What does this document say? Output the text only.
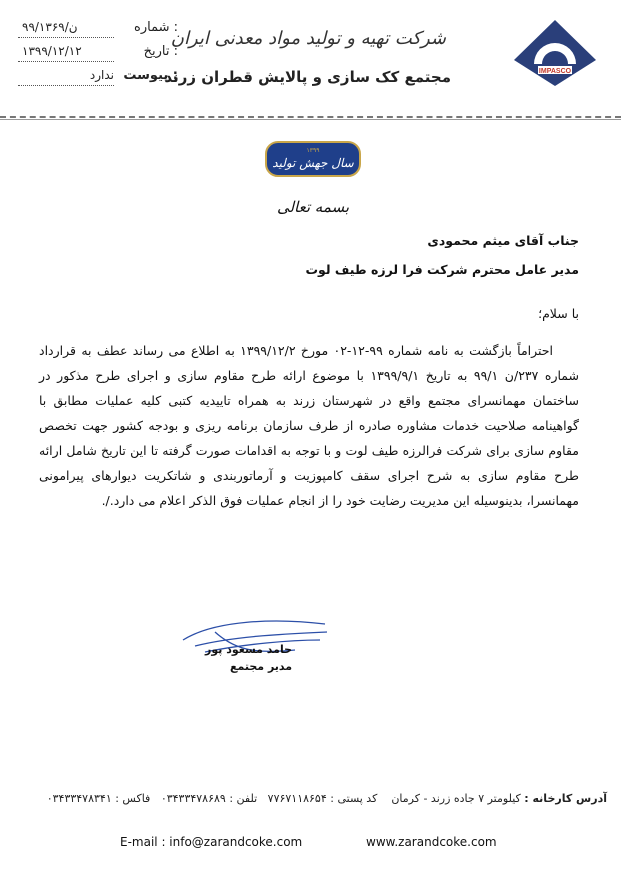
۹۹/۱ن/۳۶۹	: شماره
۱۳۹۹/۱۲/۱۲	: تاریخ
ندارد : پیوست
شرکت تهیه و تولید مواد معدنی ایران
مجتمع کک سازی و پالایش قطران زرند	IMPASCO
۱۳۹۹
سال جهش تولید
بسمه تعالی
جناب آقای میثم محمودی
مدیر عامل محترم شرکت فرا لرزه طیف لوت
با سلام؛
احتراماً بازگشت به نامه شماره ۹۹-۱۲-۰۲ مورخ ۱۳۹۹/۱۲/۲ به اطلاع می رساند عطف به قرارداد شماره ۲۳۷/ن ۹۹/۱ به تاریخ ۱۳۹۹/۹/۱ با موضوع ارائه طرح مقاوم سازی و اجرای طرح مذکور در ساختمان مهمانسرای مجتمع واقع در شهرستان زرند به همراه تاییدیه کتبی کلیه عملیات مطابق با گواهینامه صلاحیت خدمات مشاوره صادره از طرف سازمان برنامه ریزی و بودجه کشور جهت تخصص مقاوم سازی برای شرکت فرالرزه طیف لوت و با توجه به اقدامات صورت گرفته تا این تاریخ شامل ارائه طرح مقاوم سازی به شرح اجرای سقف کامپوزیت و آرماتوربندی و شاتکریت دیوارهای پیرامونی مهمانسرا، بدینوسیله این مدیریت رضایت خود را از انجام عملیات فوق الذکر اعلام می دارد./.
حامد مسعود پور
مدیر مجتمع
آدرس کارخانه : کیلومتر ۷ جاده زرند - کرمان    کد پستی : ۷۷۶۷۱۱۸۶۵۴   تلفن : ۰۳۴۳۳۴۷۸۶۸۹   فاکس : ۰۳۴۳۳۴۷۸۳۴۱
E-mail : info@zarandcoke.com	www.zarandcoke.com
